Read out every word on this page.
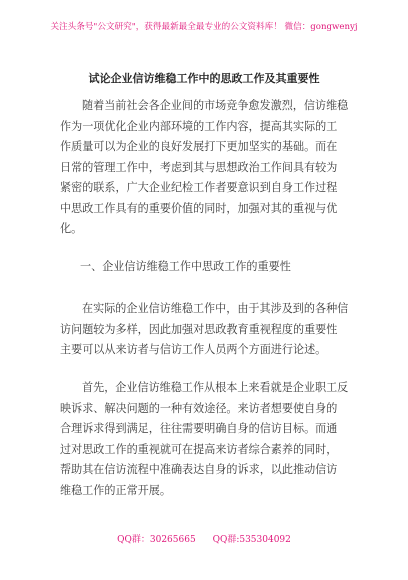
关注头条号"公文研究"，获得最新最全最专业的公文资料库！ 微信：gongwenyj
试论企业信访维稳工作中的思政工作及其重要性
随着当前社会各企业间的市场竞争愈发激烈，信访维稳
作为一项优化企业内部环境的工作内容，提高其实际的工
作质量可以为企业的良好发展打下更加坚实的基础。而在
日常的管理工作中，考虑到其与思想政治工作间具有较为
紧密的联系，广大企业纪检工作者要意识到自身工作过程
中思政工作具有的重要价值的同时，加强对其的重视与优
化。
一、企业信访维稳工作中思政工作的重要性
在实际的企业信访维稳工作中，由于其涉及到的各种信
访问题较为多样，因此加强对思政教育重视程度的重要性
主要可以从来访者与信访工作人员两个方面进行论述。
首先，企业信访维稳工作从根本上来看就是企业职工反
映诉求、解决问题的一种有效途径。来访者想要使自身的
合理诉求得到满足，往往需要明确自身的信访目标。而通
过对思政工作的重视就可在提高来访者综合素养的同时，
帮助其在信访流程中准确表达自身的诉求，以此推动信访
维稳工作的正常开展。
QQ群：30265665 QQ群:535304092
